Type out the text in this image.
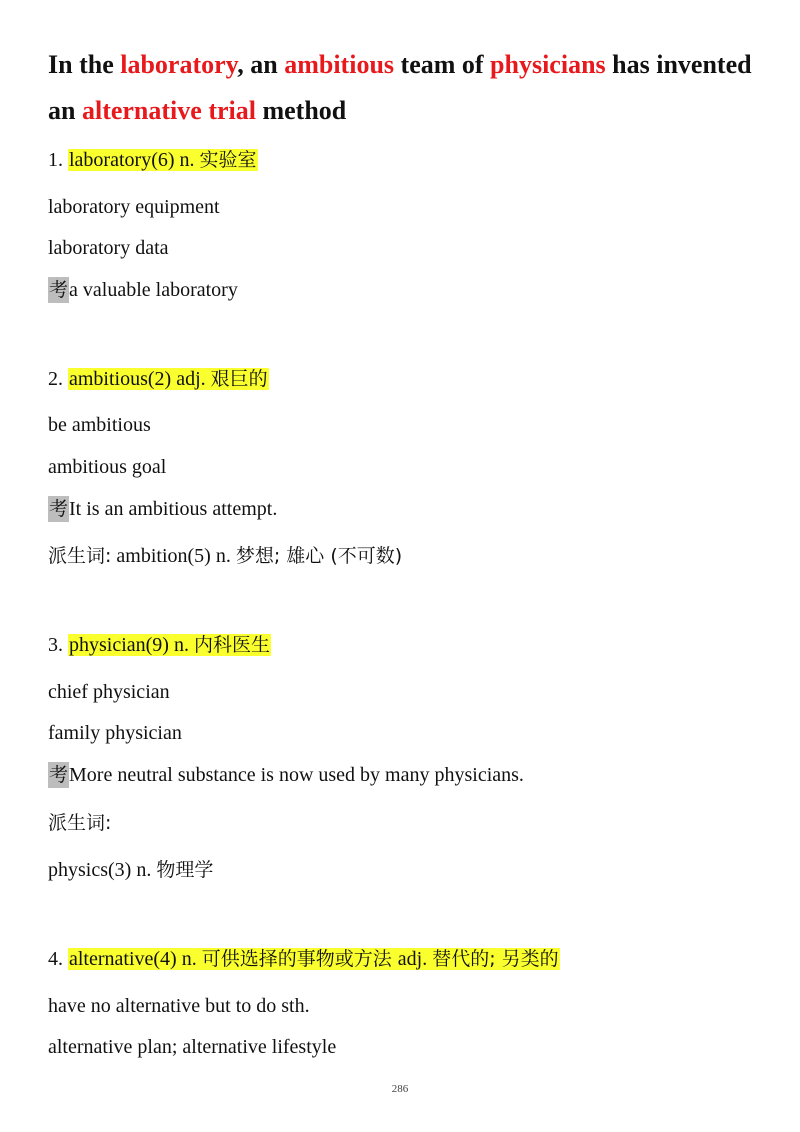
In the laboratory, an ambitious team of physicians has invented an alternative trial method
1. laboratory(6) n. 实验室
laboratory equipment
laboratory data
考a valuable laboratory
2. ambitious(2) adj. 艰巨的
be ambitious
ambitious goal
考It is an ambitious attempt.
派生词: ambition(5) n. 梦想; 雄心 (不可数)
3. physician(9) n. 内科医生
chief physician
family physician
考More neutral substance is now used by many physicians.
派生词:
physics(3) n. 物理学
4. alternative(4) n. 可供选择的事物或方法 adj. 替代的; 另类的
have no alternative but to do sth.
alternative plan; alternative lifestyle
286
